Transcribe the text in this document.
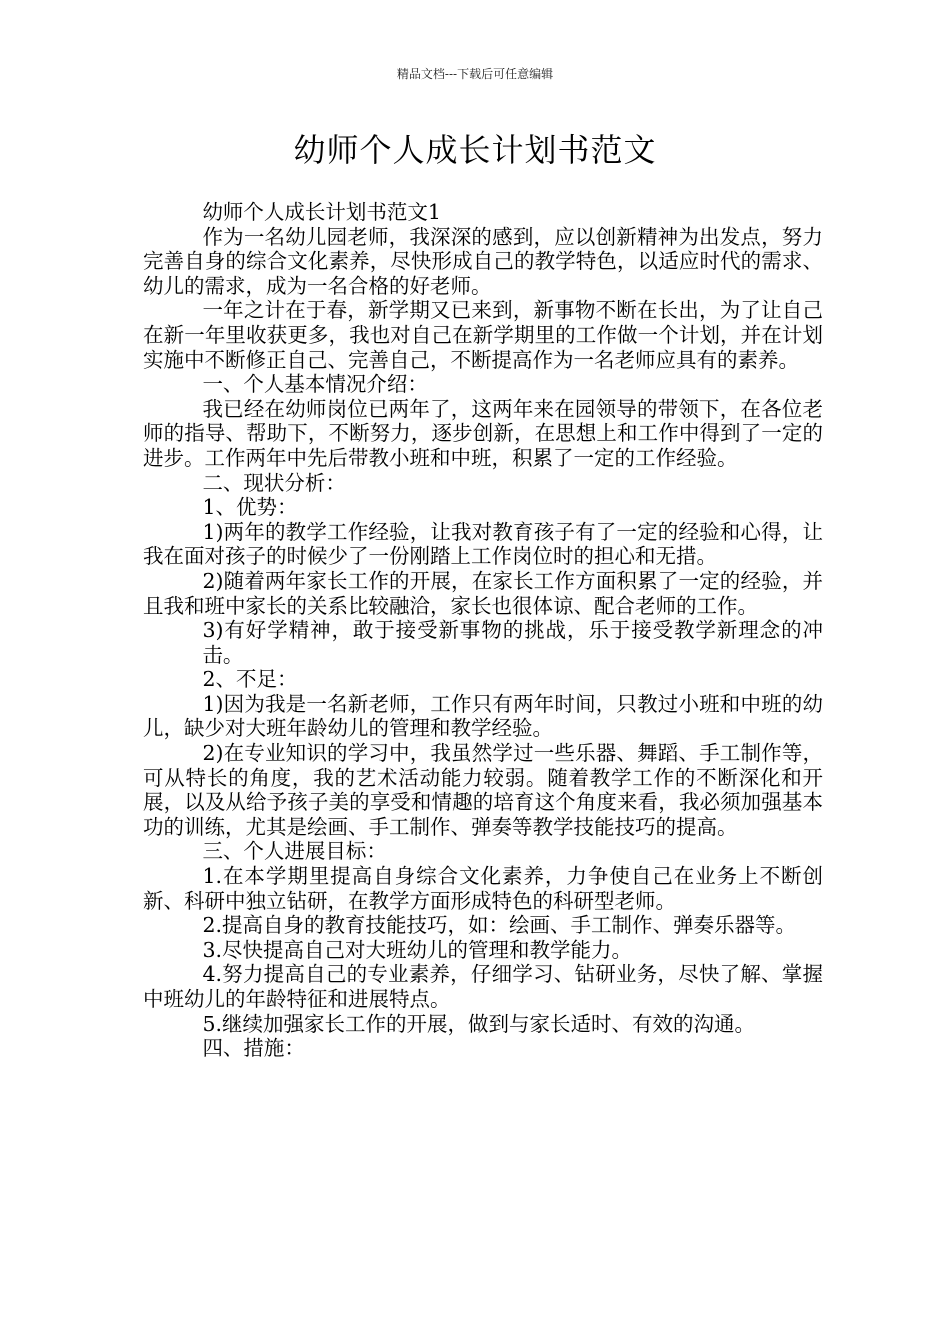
精品文档---下载后可任意编辑
幼师个人成长计划书范文

幼师个人成长计划书范文1

作为一名幼儿园老师，我深深的感到，应以创新精神为出发点，努力完善自身的综合文化素养，尽快形成自己的教学特色，以适应时代的需求、幼儿的需求，成为一名合格的好老师。

一年之计在于春，新学期又已来到，新事物不断在长出，为了让自己在新一年里收获更多，我也对自己在新学期里的工作做一个计划，并在计划实施中不断修正自己、完善自己，不断提高作为一名老师应具有的素养。

一、个人基本情况介绍：

我已经在幼师岗位已两年了，这两年来在园领导的带领下，在各位老师的指导、帮助下，不断努力，逐步创新，在思想上和工作中得到了一定的进步。工作两年中先后带教小班和中班，积累了一定的工作经验。

二、现状分析：

1、优势：

1)两年的教学工作经验，让我对教育孩子有了一定的经验和心得，让我在面对孩子的时候少了一份刚踏上工作岗位时的担心和无措。

2)随着两年家长工作的开展，在家长工作方面积累了一定的经验，并且我和班中家长的关系比较融洽，家长也很体谅、配合老师的工作。

3)有好学精神，敢于接受新事物的挑战，乐于接受教学新理念的冲击。

2、不足：

1)因为我是一名新老师，工作只有两年时间，只教过小班和中班的幼儿，缺少对大班年龄幼儿的管理和教学经验。

2)在专业知识的学习中，我虽然学过一些乐器、舞蹈、手工制作等，可从特长的角度，我的艺术活动能力较弱。随着教学工作的不断深化和开展，以及从给予孩子美的享受和情趣的培育这个角度来看，我必须加强基本功的训练，尤其是绘画、手工制作、弹奏等教学技能技巧的提高。

三、个人进展目标：

1.在本学期里提高自身综合文化素养，力争使自己在业务上不断创新、科研中独立钻研，在教学方面形成特色的科研型老师。

2.提高自身的教育技能技巧，如：绘画、手工制作、弹奏乐器等。

3.尽快提高自己对大班幼儿的管理和教学能力。

4.努力提高自己的专业素养，仔细学习、钻研业务，尽快了解、掌握中班幼儿的年龄特征和进展特点。

5.继续加强家长工作的开展，做到与家长适时、有效的沟通。

四、措施：
